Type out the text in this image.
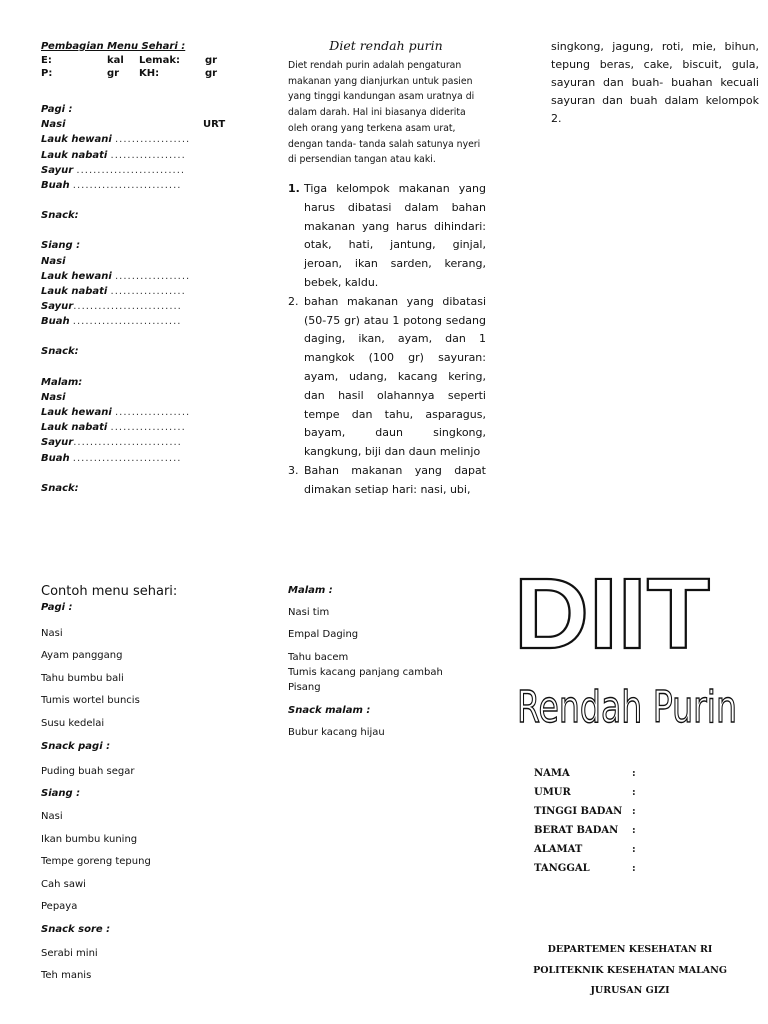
Pembagian Menu Sehari :
E:	kal Lemak:	gr
P:	gr KH:	gr
Pagi :
Nasi	URT
Lauk hewani ..................
Lauk nabati ..................
Sayur ..........................
Buah ..........................
Snack:
Siang :
Nasi
Lauk hewani ..................
Lauk nabati ..................
Sayur..........................
Buah ..........................
Snack:
Malam:
Nasi
Lauk hewani ..................
Lauk nabati ..................
Sayur..........................
Buah ..........................
Snack:
Diet rendah purin
Diet rendah purin adalah pengaturan makanan yang dianjurkan untuk pasien yang tinggi kandungan asam uratnya di dalam darah. Hal ini biasanya diderita oleh orang yang terkena asam urat, dengan tanda- tanda salah satunya nyeri di persendian tangan atau kaki.
1. Tiga kelompok makanan yang harus dibatasi dalam bahan makanan yang harus dihindari: otak, hati, jantung, ginjal, jeroan, ikan sarden, kerang, bebek, kaldu.
2. bahan makanan yang dibatasi (50-75 gr) atau 1 potong sedang daging, ikan, ayam, dan 1 mangkok (100 gr) sayuran: ayam, udang, kacang kering, dan hasil olahannya seperti tempe dan tahu, asparagus, bayam, daun singkong, kangkung, biji dan daun melinjo
3. Bahan makanan yang dapat dimakan setiap hari: nasi, ubi,
singkong, jagung, roti, mie, bihun, tepung beras, cake, biscuit, gula, sayuran dan buah- buahan kecuali sayuran dan buah dalam kelompok 2.
Contoh menu sehari:
Pagi :
Nasi
Ayam panggang
Tahu bumbu bali
Tumis wortel buncis
Susu kedelai
Snack pagi :
Puding buah segar
Siang :
Nasi
Ikan bumbu kuning
Tempe goreng tepung
Cah sawi
Pepaya
Snack sore :
Serabi mini
Teh manis
Malam :
Nasi tim
Empal Daging
Tahu bacem
Tumis kacang panjang cambah
Pisang
Snack malam :
Bubur kacang hijau
DIIT
Rendah Purin
NAMA	:
UMUR	:
TINGGI BADAN :
BERAT BADAN :
ALAMAT	:
TANGGAL	:
DEPARTEMEN KESEHATAN RI
POLITEKNIK KESEHATAN MALANG
JURUSAN GIZI
